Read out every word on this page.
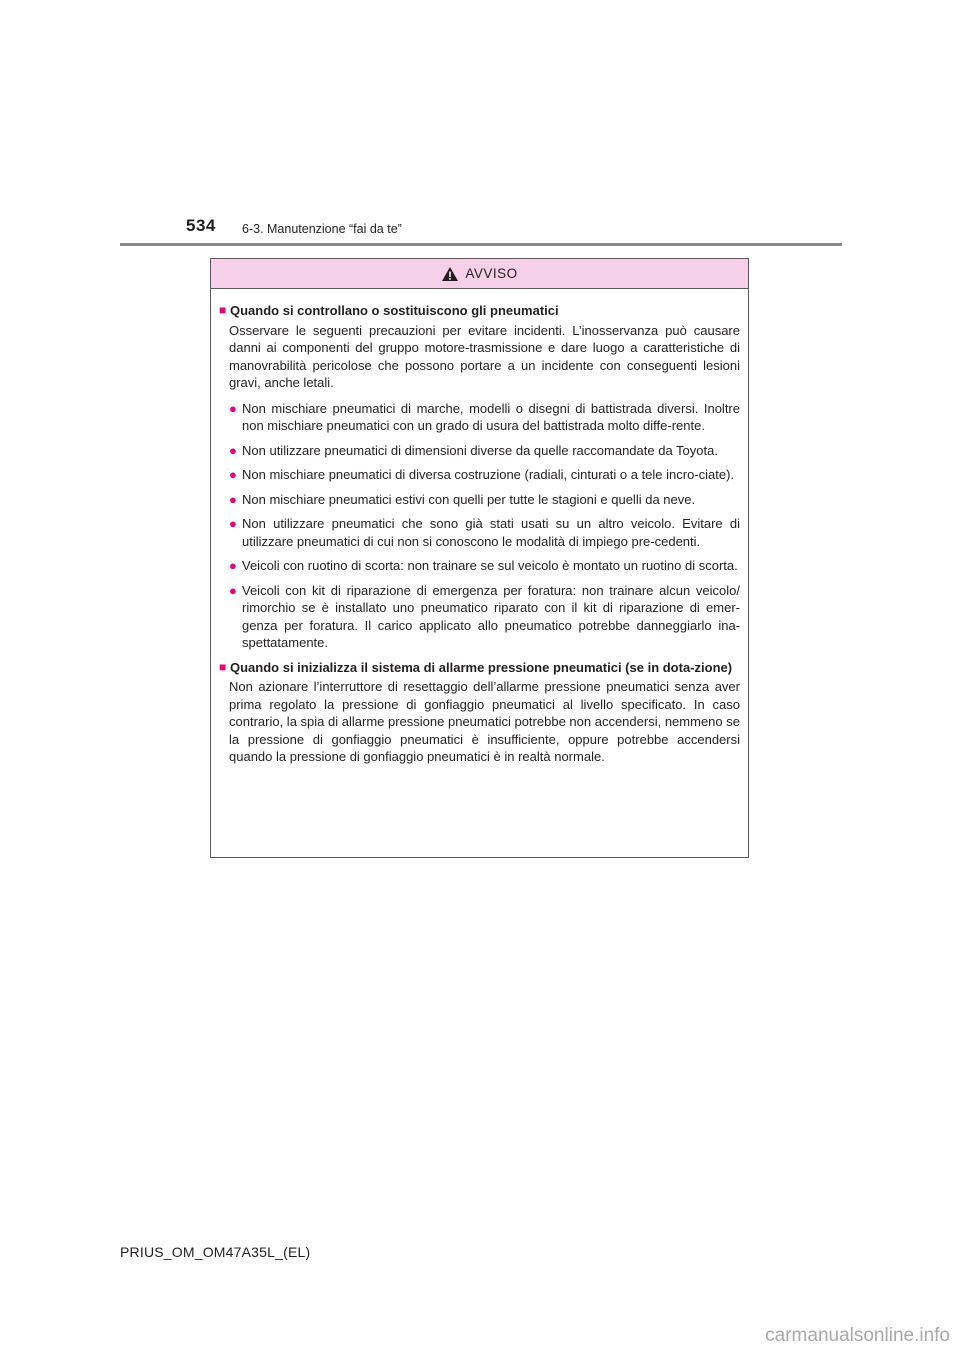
534 6-3. Manutenzione “fai da te”
AVVISO
■ Quando si controllano o sostituiscono gli pneumatici

Osservare le seguenti precauzioni per evitare incidenti. L’inosservanza può causare danni ai componenti del gruppo motore-trasmissione e dare luogo a caratteristiche di manovrabilità pericolose che possono portare a un incidente con conseguenti lesioni gravi, anche letali.

● Non mischiare pneumatici di marche, modelli o disegni di battistrada diversi. Inoltre non mischiare pneumatici con un grado di usura del battistrada molto diffe-rente.
● Non utilizzare pneumatici di dimensioni diverse da quelle raccomandate da Toyota.
● Non mischiare pneumatici di diversa costruzione (radiali, cinturati o a tele incro-ciate).
● Non mischiare pneumatici estivi con quelli per tutte le stagioni e quelli da neve.
● Non utilizzare pneumatici che sono già stati usati su un altro veicolo. Evitare di utilizzare pneumatici di cui non si conoscono le modalità di impiego pre-cedenti.
● Veicoli con ruotino di scorta: non trainare se sul veicolo è montato un ruotino di scorta.
● Veicoli con kit di riparazione di emergenza per foratura: non trainare alcun veicolo/ rimorchio se è installato uno pneumatico riparato con il kit di riparazione di emer-genza per foratura. Il carico applicato allo pneumatico potrebbe danneggiarlo ina-spettatamente.
■ Quando si inizializza il sistema di allarme pressione pneumatici (se in dota-zione)

Non azionare l’interruttore di resettaggio dell’allarme pressione pneumatici senza aver prima regolato la pressione di gonfiaggio pneumatici al livello specificato. In caso contrario, la spia di allarme pressione pneumatici potrebbe non accendersi, nemmeno se la pressione di gonfiaggio pneumatici è insufficiente, oppure potrebbe accendersi quando la pressione di gonfiaggio pneumatici è in realtà normale.

PRIUS_OM_OM47A35L_(EL)
carmanualsonline.info
